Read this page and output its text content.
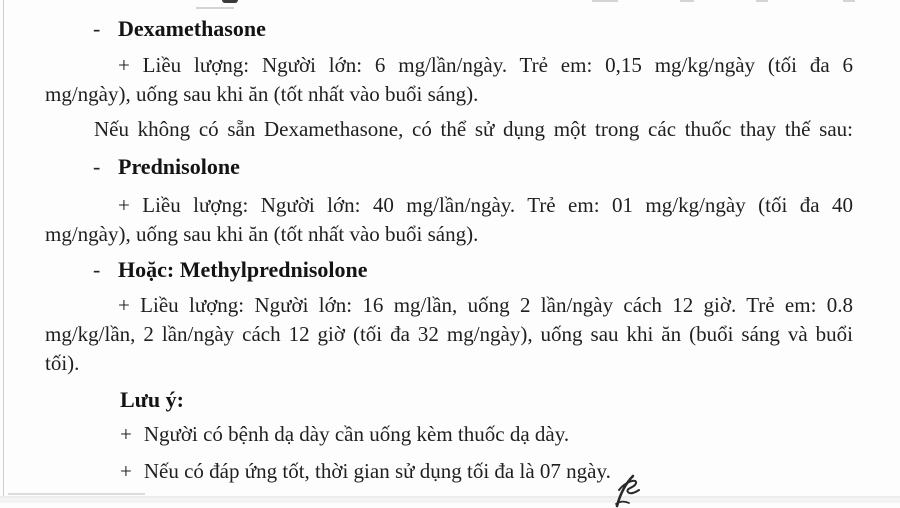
- Dexamethasone
+ Liều lượng: Người lớn: 6 mg/lần/ngày. Trẻ em: 0,15 mg/kg/ngày (tối đa 6
mg/ngày), uống sau khi ăn (tốt nhất vào buổi sáng).
Nếu không có sẵn Dexamethasone, có thể sử dụng một trong các thuốc thay thế sau:
- Prednisolone
+ Liều lượng: Người lớn: 40 mg/lần/ngày. Trẻ em: 01 mg/kg/ngày (tối đa 40
mg/ngày), uống sau khi ăn (tốt nhất vào buổi sáng).
- Hoặc: Methylprednisolone
+ Liều lượng: Người lớn: 16 mg/lần, uống 2 lần/ngày cách 12 giờ. Trẻ em: 0.8
mg/kg/lần, 2 lần/ngày cách 12 giờ (tối đa 32 mg/ngày), uống sau khi ăn (buổi sáng và buổi
tối).
Lưu ý:
+ Người có bệnh dạ dày cần uống kèm thuốc dạ dày.
+ Nếu có đáp ứng tốt, thời gian sử dụng tối đa là 07 ngày.
